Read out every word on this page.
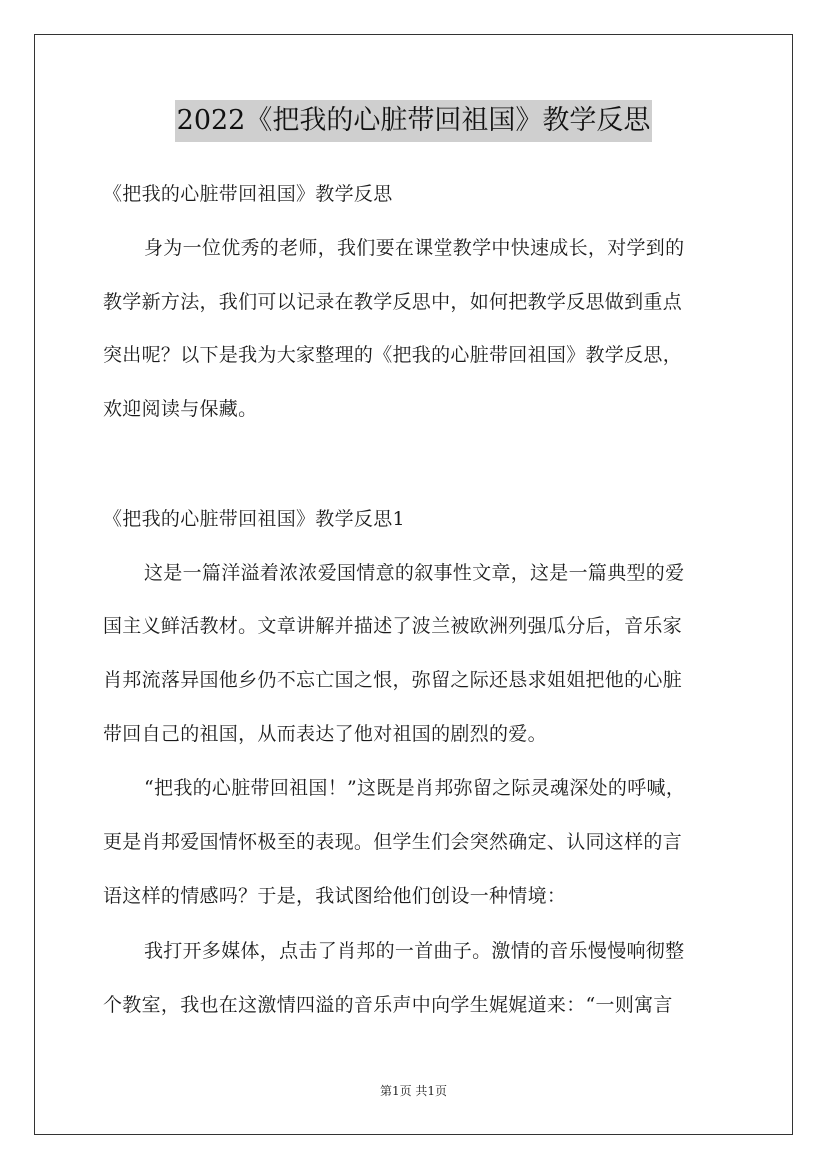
2022《把我的心脏带回祖国》教学反思
《把我的心脏带回祖国》教学反思
身为一位优秀的老师，我们要在课堂教学中快速成长，对学到的
教学新方法，我们可以记录在教学反思中，如何把教学反思做到重点
突出呢？以下是我为大家整理的《把我的心脏带回祖国》教学反思，
欢迎阅读与保藏。
《把我的心脏带回祖国》教学反思1
这是一篇洋溢着浓浓爱国情意的叙事性文章，这是一篇典型的爱
国主义鲜活教材。文章讲解并描述了波兰被欧洲列强瓜分后，音乐家
肖邦流落异国他乡仍不忘亡国之恨，弥留之际还恳求姐姐把他的心脏
带回自己的祖国，从而表达了他对祖国的剧烈的爱。
“把我的心脏带回祖国！”这既是肖邦弥留之际灵魂深处的呼喊，
更是肖邦爱国情怀极至的表现。但学生们会突然确定、认同这样的言
语这样的情感吗？于是，我试图给他们创设一种情境：
我打开多媒体，点击了肖邦的一首曲子。激情的音乐慢慢响彻整
个教室，我也在这激情四溢的音乐声中向学生娓娓道来：“一则寓言
第1页 共1页
